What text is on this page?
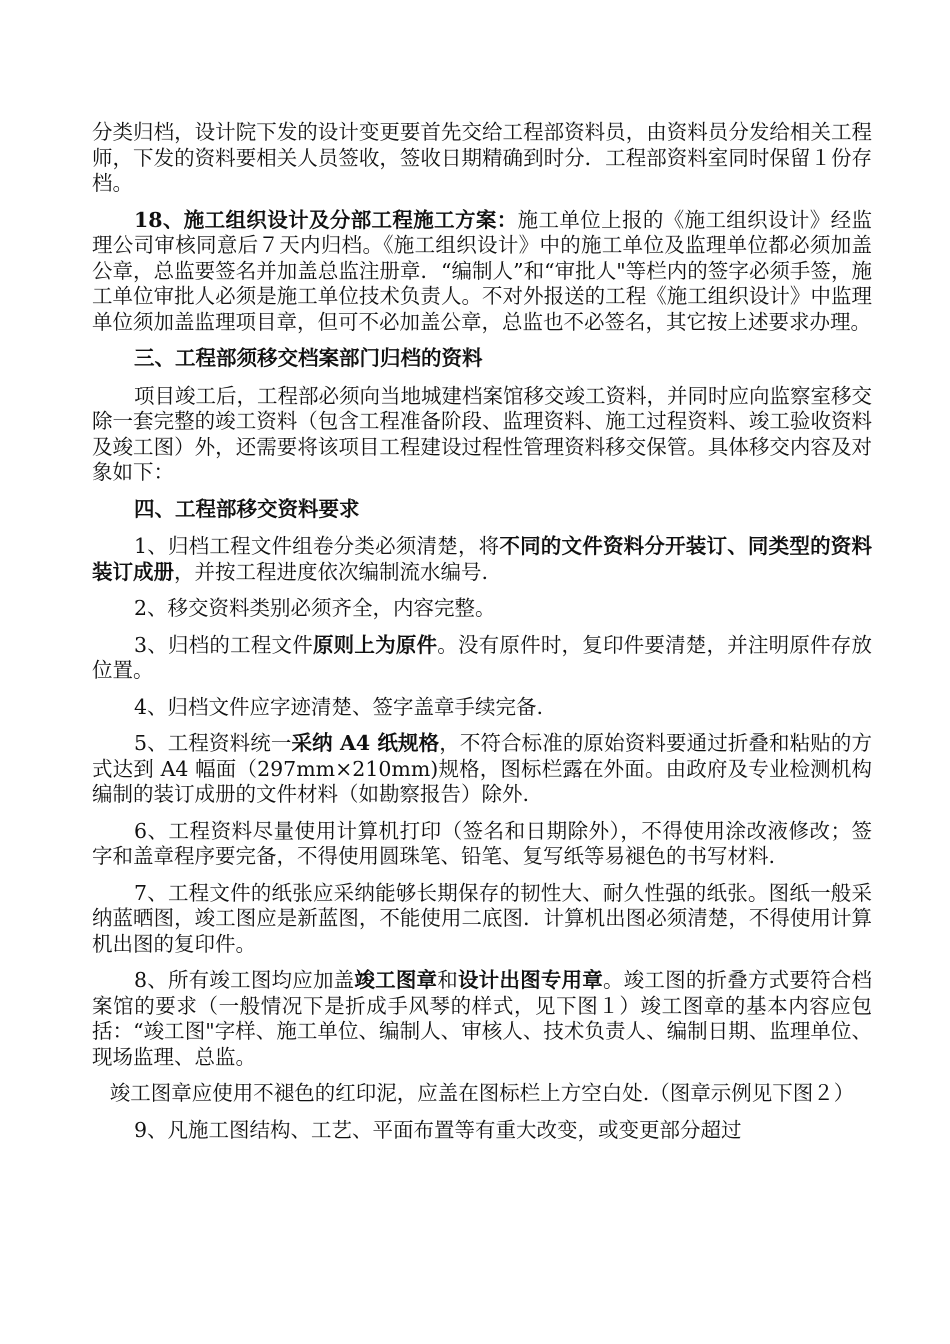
分类归档，设计院下发的设计变更要首先交给工程部资料员，由资料员分发给相关工程师，下发的资料要相关人员签收，签收日期精确到时分．工程部资料室同时保留１份存档。

18、施工组织设计及分部工程施工方案：施工单位上报的《施工组织设计》经监理公司审核同意后７天内归档。《施工组织设计》中的施工单位及监理单位都必须加盖公章，总监要签名并加盖总监注册章．“编制人”和“审批人"等栏内的签字必须手签，施工单位审批人必须是施工单位技术负责人。不对外报送的工程《施工组织设计》中监理单位须加盖监理项目章，但可不必加盖公章，总监也不必签名，其它按上述要求办理。

三、工程部须移交档案部门归档的资料

项目竣工后，工程部必须向当地城建档案馆移交竣工资料，并同时应向监察室移交除一套完整的竣工资料（包含工程准备阶段、监理资料、施工过程资料、竣工验收资料及竣工图）外，还需要将该项目工程建设过程性管理资料移交保管。具体移交内容及对象如下：

四、工程部移交资料要求

1、归档工程文件组卷分类必须清楚，将不同的文件资料分开装订、同类型的资料装订成册，并按工程进度依次编制流水编号.

2、移交资料类别必须齐全，内容完整。

3、归档的工程文件原则上为原件。没有原件时，复印件要清楚，并注明原件存放位置。

4、归档文件应字迹清楚、签字盖章手续完备.

5、工程资料统一采纳 A4 纸规格，不符合标准的原始资料要通过折叠和粘贴的方式达到 A4 幅面（297mm×210mm)规格，图标栏露在外面。由政府及专业检测机构编制的装订成册的文件材料（如勘察报告）除外.

6、工程资料尽量使用计算机打印（签名和日期除外），不得使用涂改液修改；签字和盖章程序要完备，不得使用圆珠笔、铅笔、复写纸等易褪色的书写材料.

7、工程文件的纸张应采纳能够长期保存的韧性大、耐久性强的纸张。图纸一般采纳蓝晒图，竣工图应是新蓝图，不能使用二底图．计算机出图必须清楚，不得使用计算机出图的复印件。

8、所有竣工图均应加盖竣工图章和设计出图专用章。竣工图的折叠方式要符合档案馆的要求（一般情况下是折成手风琴的样式，见下图１）竣工图章的基本内容应包括：“竣工图"字样、施工单位、编制人、审核人、技术负责人、编制日期、监理单位、现场监理、总监。

竣工图章应使用不褪色的红印泥，应盖在图标栏上方空白处.（图章示例见下图２）

9、凡施工图结构、工艺、平面布置等有重大改变，或变更部分超过
